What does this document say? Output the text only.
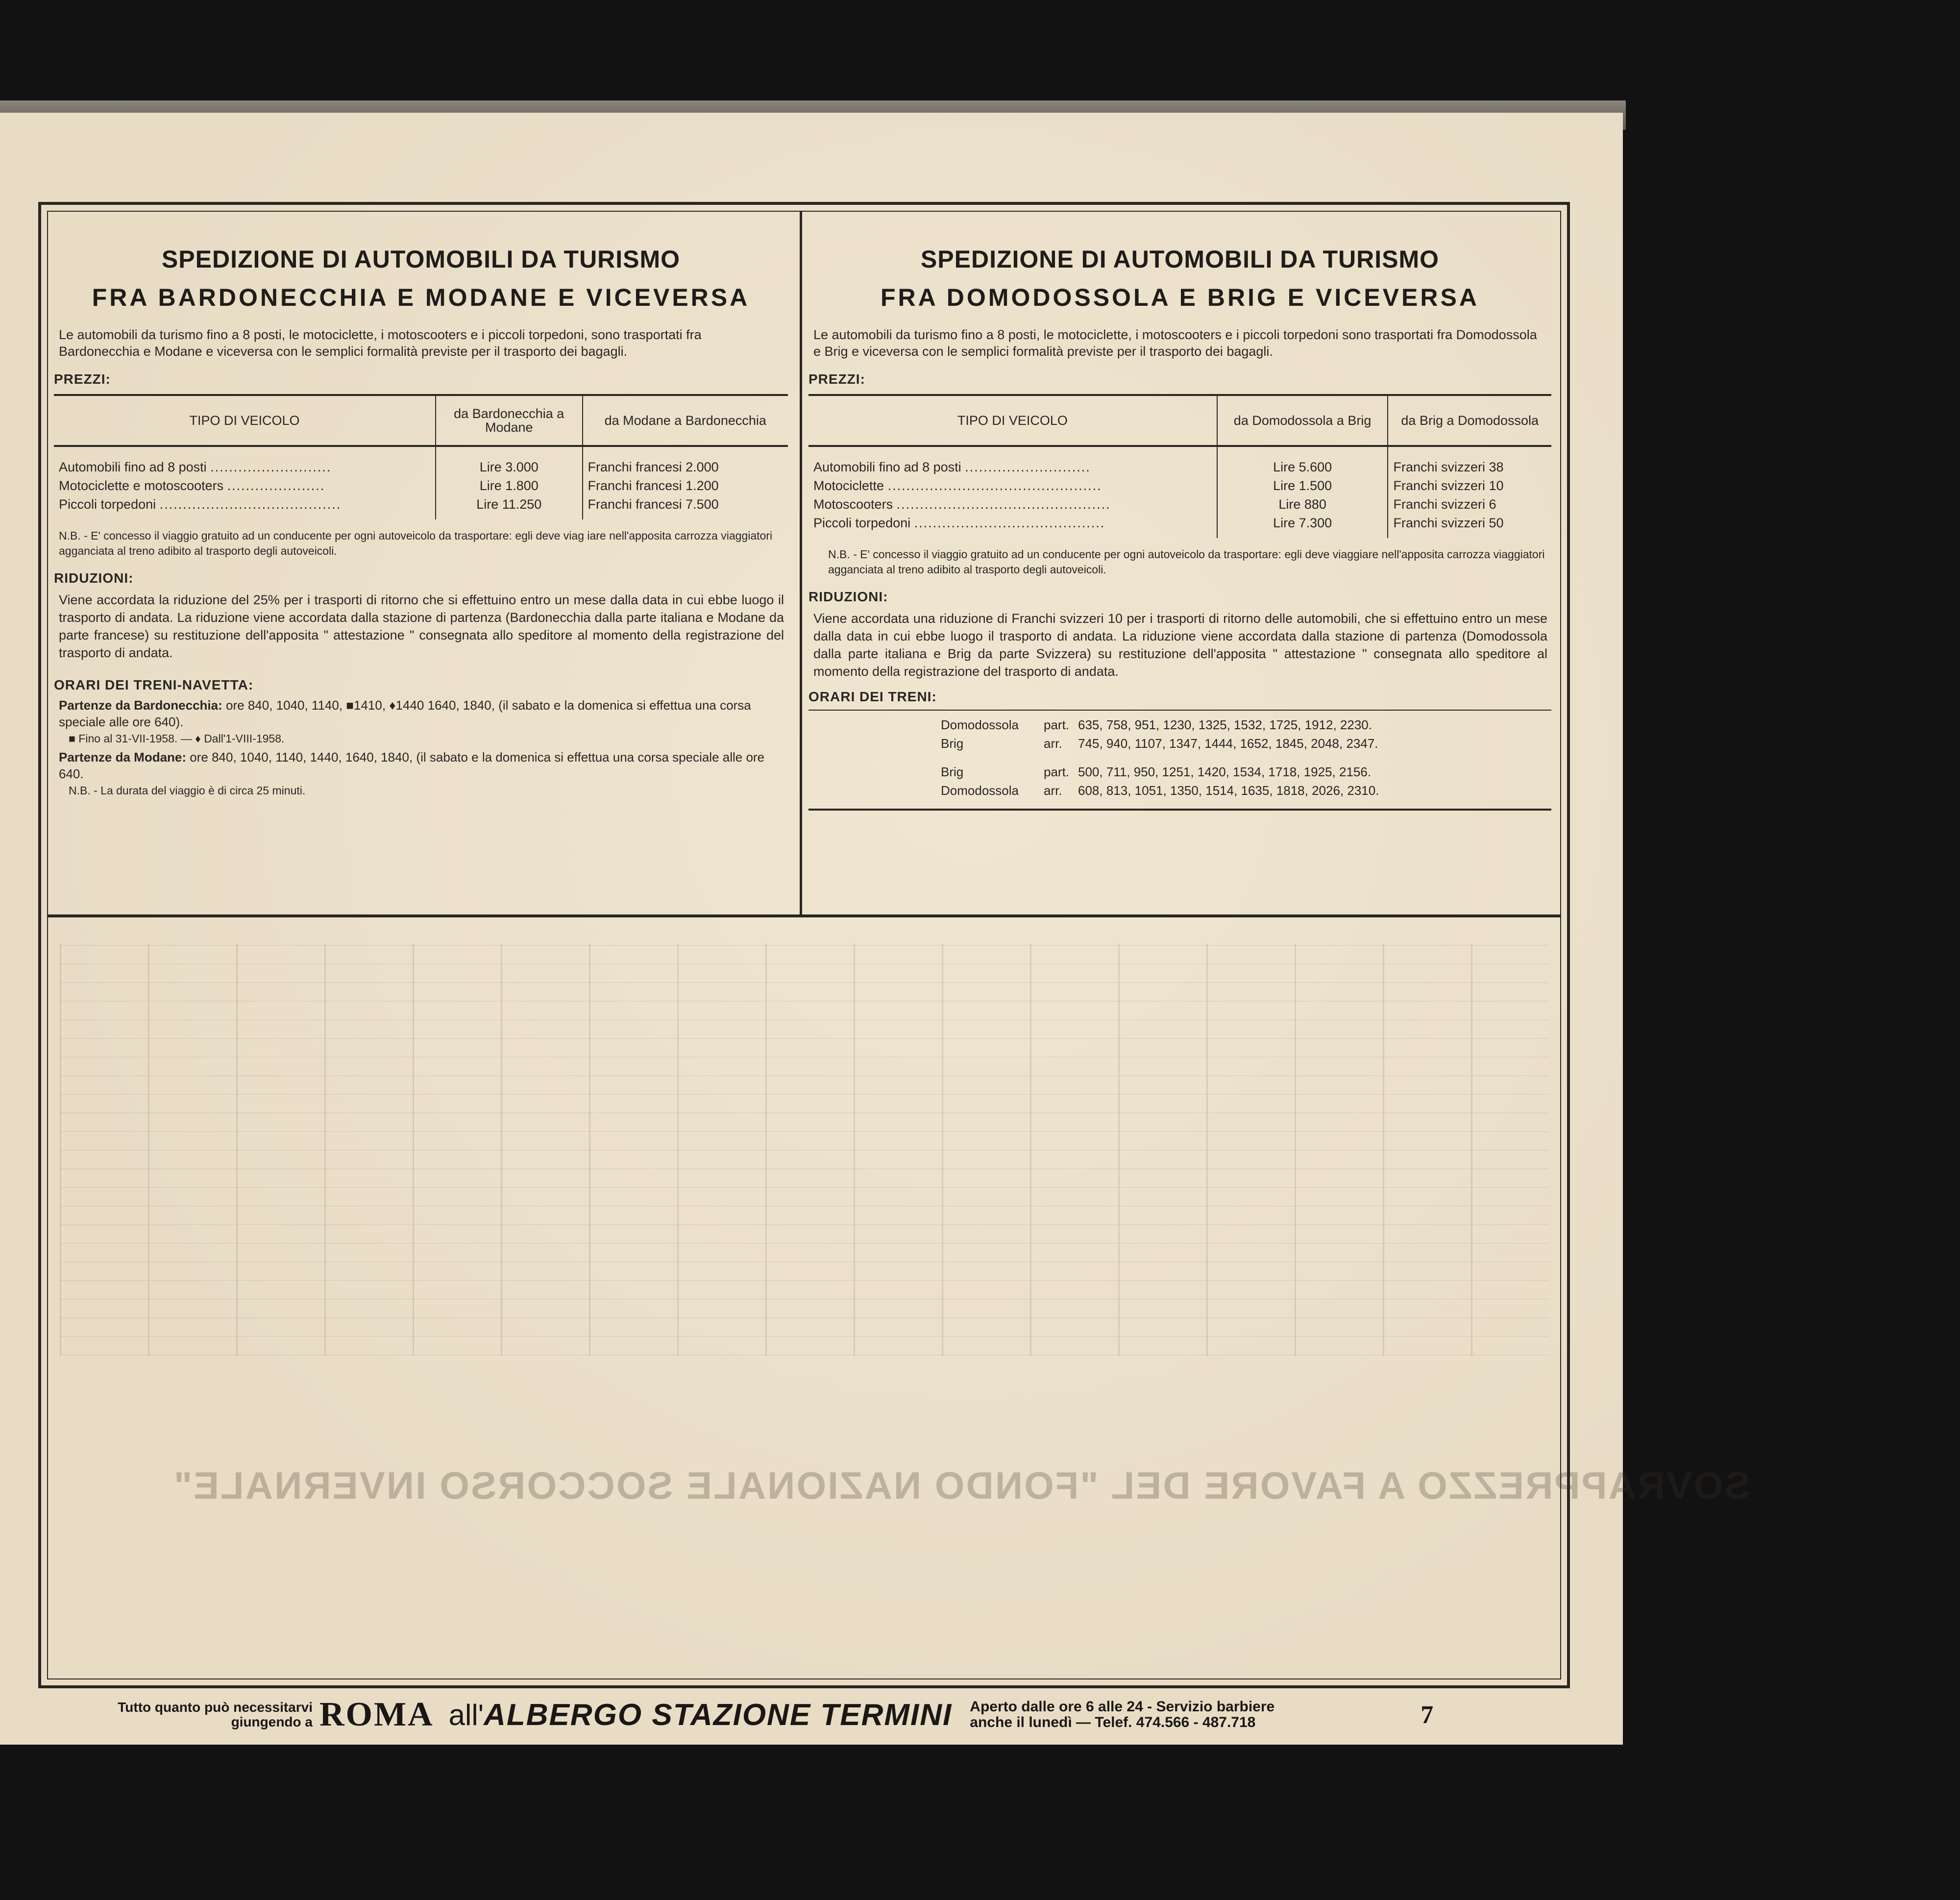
SOVRAPPREZZO A FAVORE DEL "FONDO NAZIONALE SOCCORSO INVERNALE"
SPEDIZIONE DI AUTOMOBILI DA TURISMO
FRA BARDONECCHIA E MODANE E VICEVERSA

Le automobili da turismo fino a 8 posti, le motociclette, i motoscooters e i piccoli torpedoni, sono trasportati fra Bardonecchia e Modane e viceversa con le semplici formalità previste per il trasporto dei bagagli.

PREZZI:

TIPO DI VEICOLO	da Bardonecchia a Modane	da Modane a Bardonecchia
Automobili fino ad 8 posti ..........................	Lire 3.000	Franchi francesi 2.000
Motociclette e motoscooters .....................	Lire 1.800	Franchi francesi 1.200
Piccoli torpedoni .......................................	Lire 11.250	Franchi francesi 7.500

N.B. - E' concesso il viaggio gratuito ad un conducente per ogni autoveicolo da trasportare: egli deve viag iare nell'apposita carrozza viaggiatori agganciata al treno adibito al trasporto degli autoveicoli.

RIDUZIONI:

Viene accordata la riduzione del 25% per i trasporti di ritorno che si effettuino entro un mese dalla data in cui ebbe luogo il trasporto di andata. La riduzione viene accordata dalla stazione di partenza (Bardonecchia dalla parte italiana e Modane da parte francese) su restituzione dell'apposita " attestazione " consegnata allo speditore al momento della registrazione del trasporto di andata.

ORARI DEI TRENI-NAVETTA:

Partenze da Bardonecchia: ore 840, 1040, 1140, ■1410, ♦1440 1640, 1840, (il sabato e la domenica si effettua una corsa speciale alle ore 640).

■ Fino al 31-VII-1958. — ♦ Dall'1-VIII-1958.

Partenze da Modane: ore 840, 1040, 1140, 1440, 1640, 1840, (il sabato e la domenica si effettua una corsa speciale alle ore 640.

N.B. - La durata del viaggio è di circa 25 minuti.

SPEDIZIONE DI AUTOMOBILI DA TURISMO
FRA DOMODOSSOLA E BRIG E VICEVERSA

Le automobili da turismo fino a 8 posti, le motociclette, i motoscooters e i piccoli torpedoni sono trasportati fra Domodossola e Brig e viceversa con le semplici formalità previste per il trasporto dei bagagli.

PREZZI:

TIPO DI VEICOLO	da Domodossola a Brig	da Brig a Domodossola
Automobili fino ad 8 posti ...........................	Lire 5.600	Franchi svizzeri 38
Motociclette ..............................................	Lire 1.500	Franchi svizzeri 10
Motoscooters ..............................................	Lire 880	Franchi svizzeri 6
Piccoli torpedoni .........................................	Lire 7.300	Franchi svizzeri 50

N.B. - E' concesso il viaggio gratuito ad un conducente per ogni autoveicolo da trasportare: egli deve viaggiare nell'apposita carrozza viaggiatori agganciata al treno adibito al trasporto degli autoveicoli.

RIDUZIONI:

Viene accordata una riduzione di Franchi svizzeri 10 per i trasporti di ritorno delle automobili, che si effettuino entro un mese dalla data in cui ebbe luogo il trasporto di andata. La riduzione viene accordata dalla stazione di partenza (Domodossola dalla parte italiana e Brig da parte Svizzera) su restituzione dell'apposita " attestazione " consegnata allo speditore al momento della registrazione del trasporto di andata.

ORARI DEI TRENI:

Domodossola	part. 635, 758, 951, 1230, 1325, 1532, 1725, 1912, 2230.
Brig	arr.	745, 940, 1107, 1347, 1444, 1652, 1845, 2048, 2347.
Brig	part. 500, 711, 950, 1251, 1420, 1534, 1718, 1925, 2156.
Domodossola	arr.	608, 813, 1051, 1350, 1514, 1635, 1818, 2026, 2310.
Tutto quanto può necessitarvi
giungendo a ROMA all' ALBERGO STAZIONE TERMINI Aperto dalle ore 6 alle 24 - Servizio barbiere
anche il lunedì — Telef. 474.566 - 487.718	7
